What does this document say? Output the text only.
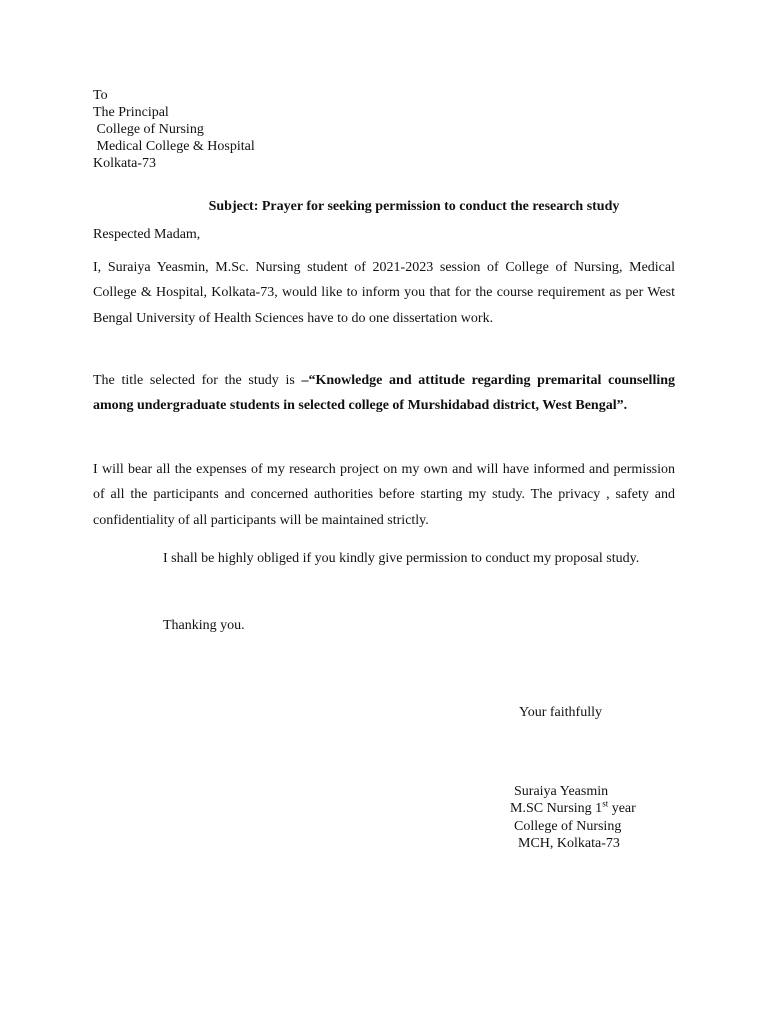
To
The Principal
College of Nursing
Medical College & Hospital
Kolkata-73
Subject: Prayer for seeking permission to conduct the research study
Respected Madam,
I, Suraiya Yeasmin, M.Sc. Nursing student of 2021-2023 session of College of Nursing, Medical College & Hospital, Kolkata-73, would like to inform you that for the course requirement as per West Bengal University of Health Sciences have to do one dissertation work.
The title selected for the study is –“Knowledge and attitude regarding premarital counselling among undergraduate students in selected college of Murshidabad district, West Bengal”.
I will bear all the expenses of my research project on my own and will have informed and permission of all the participants and concerned authorities before starting my study. The privacy , safety and confidentiality of all participants will be maintained strictly.
I shall be highly obliged if you kindly give permission to conduct my proposal study.
Thanking you.
Your faithfully
Suraiya Yeasmin
M.SC Nursing 1st year
College of Nursing
MCH, Kolkata-73
